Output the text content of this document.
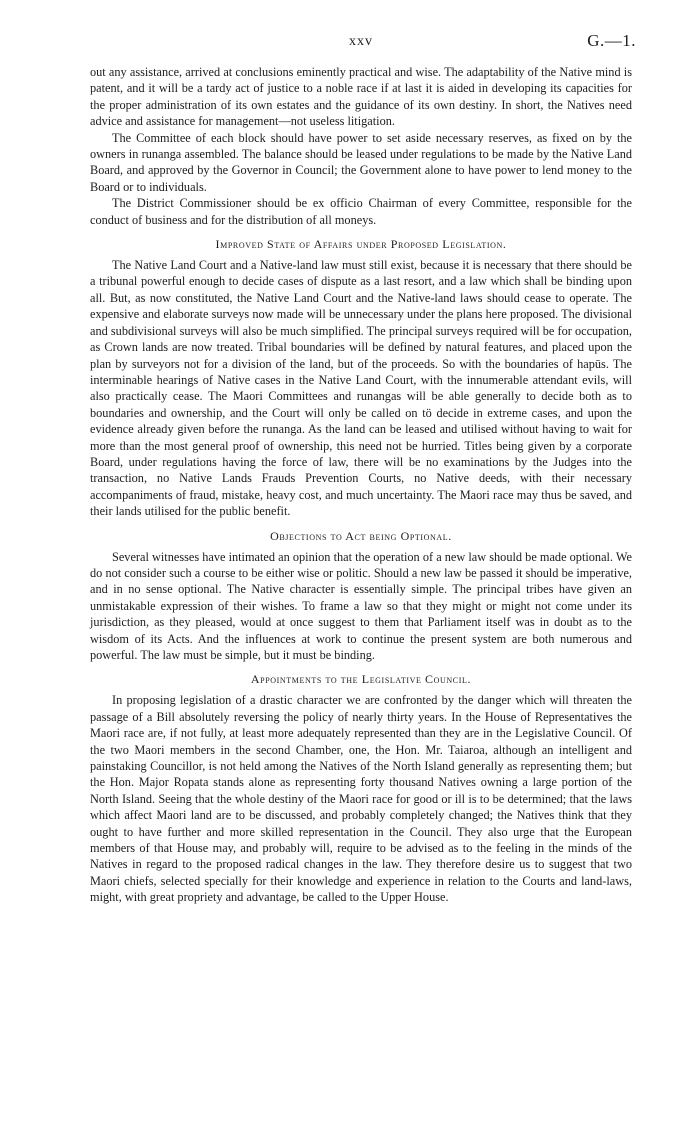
xxv	G.—1.

out any assistance, arrived at conclusions eminently practical and wise. The adaptability of the Native mind is patent, and it will be a tardy act of justice to a noble race if at last it is aided in developing its capacities for the proper administration of its own estates and the guidance of its own destiny. In short, the Natives need advice and assistance for management—not useless litigation.

The Committee of each block should have power to set aside necessary reserves, as fixed on by the owners in runanga assembled. The balance should be leased under regulations to be made by the Native Land Board, and approved by the Governor in Council; the Government alone to have power to lend money to the Board or to individuals.

The District Commissioner should be ex officio Chairman of every Committee, responsible for the conduct of business and for the distribution of all moneys.

Improved State of Affairs under Proposed Legislation.

The Native Land Court and a Native-land law must still exist, because it is necessary that there should be a tribunal powerful enough to decide cases of dispute as a last resort, and a law which shall be binding upon all. But, as now constituted, the Native Land Court and the Native-land laws should cease to operate. The expensive and elaborate surveys now made will be unnecessary under the plans here proposed. The divisional and subdivisional surveys will also be much simplified. The principal surveys required will be for occupation, as Crown lands are now treated. Tribal boundaries will be defined by natural features, and placed upon the plan by surveyors not for a division of the land, but of the proceeds. So with the boundaries of hapūs. The interminable hearings of Native cases in the Native Land Court, with the innumerable attendant evils, will also practically cease. The Maori Committees and runangas will be able generally to decide both as to boundaries and ownership, and the Court will only be called on tö decide in extreme cases, and upon the evidence already given before the runanga. As the land can be leased and utilised without having to wait for more than the most general proof of ownership, this need not be hurried. Titles being given by a corporate Board, under regulations having the force of law, there will be no examinations by the Judges into the transaction, no Native Lands Frauds Prevention Courts, no Native deeds, with their necessary accompaniments of fraud, mistake, heavy cost, and much uncertainty. The Maori race may thus be saved, and their lands utilised for the public benefit.

Objections to Act being Optional.

Several witnesses have intimated an opinion that the operation of a new law should be made optional. We do not consider such a course to be either wise or politic. Should a new law be passed it should be imperative, and in no sense optional. The Native character is essentially simple. The principal tribes have given an unmistakable expression of their wishes. To frame a law so that they might or might not come under its jurisdiction, as they pleased, would at once suggest to them that Parliament itself was in doubt as to the wisdom of its Acts. And the influences at work to continue the present system are both numerous and powerful. The law must be simple, but it must be binding.

Appointments to the Legislative Council.

In proposing legislation of a drastic character we are confronted by the danger which will threaten the passage of a Bill absolutely reversing the policy of nearly thirty years. In the House of Representatives the Maori race are, if not fully, at least more adequately represented than they are in the Legislative Council. Of the two Maori members in the second Chamber, one, the Hon. Mr. Taiaroa, although an intelligent and painstaking Councillor, is not held among the Natives of the North Island generally as representing them; but the Hon. Major Ropata stands alone as representing forty thousand Natives owning a large portion of the North Island. Seeing that the whole destiny of the Maori race for good or ill is to be determined; that the laws which affect Maori land are to be discussed, and probably completely changed; the Natives think that they ought to have further and more skilled representation in the Council. They also urge that the European members of that House may, and probably will, require to be advised as to the feeling in the minds of the Natives in regard to the proposed radical changes in the law. They therefore desire us to suggest that two Maori chiefs, selected specially for their knowledge and experience in relation to the Courts and land-laws, might, with great propriety and advantage, be called to the Upper House.
